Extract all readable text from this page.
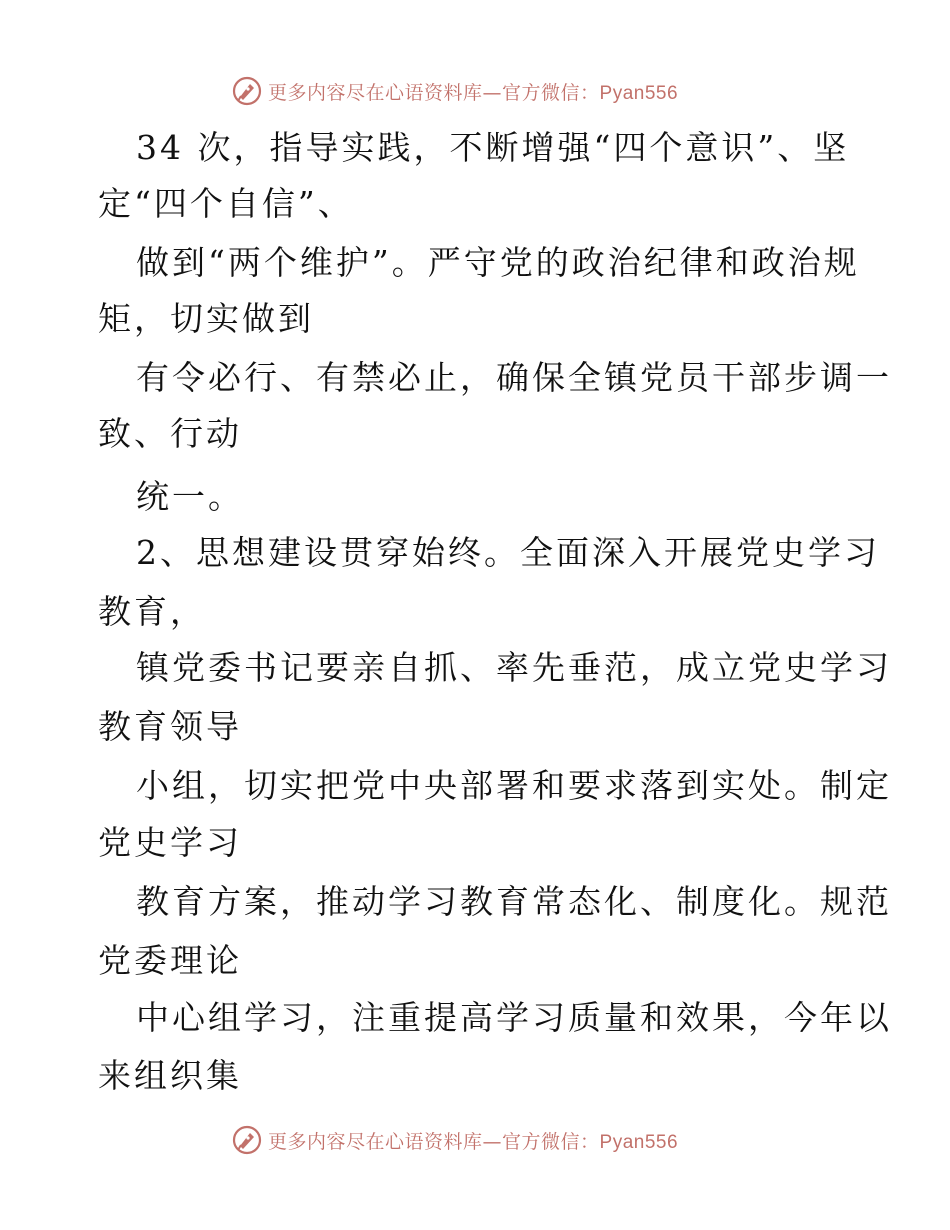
更多内容尽在心语资料库—官方微信：Pyan556
34 次，指导实践，不断增强“四个意识”、坚
定“四个自信”、
做到“两个维护”。严守党的政治纪律和政治规
矩，切实做到
有令必行、有禁必止，确保全镇党员干部步调一
致、行动
统一。
2、思想建设贯穿始终。全面深入开展党史学习
教育，
镇党委书记要亲自抓、率先垂范，成立党史学习
教育领导
小组，切实把党中央部署和要求落到实处。制定
党史学习
教育方案，推动学习教育常态化、制度化。规范
党委理论
中心组学习，注重提高学习质量和效果，今年以
来组织集
更多内容尽在心语资料库—官方微信：Pyan556
